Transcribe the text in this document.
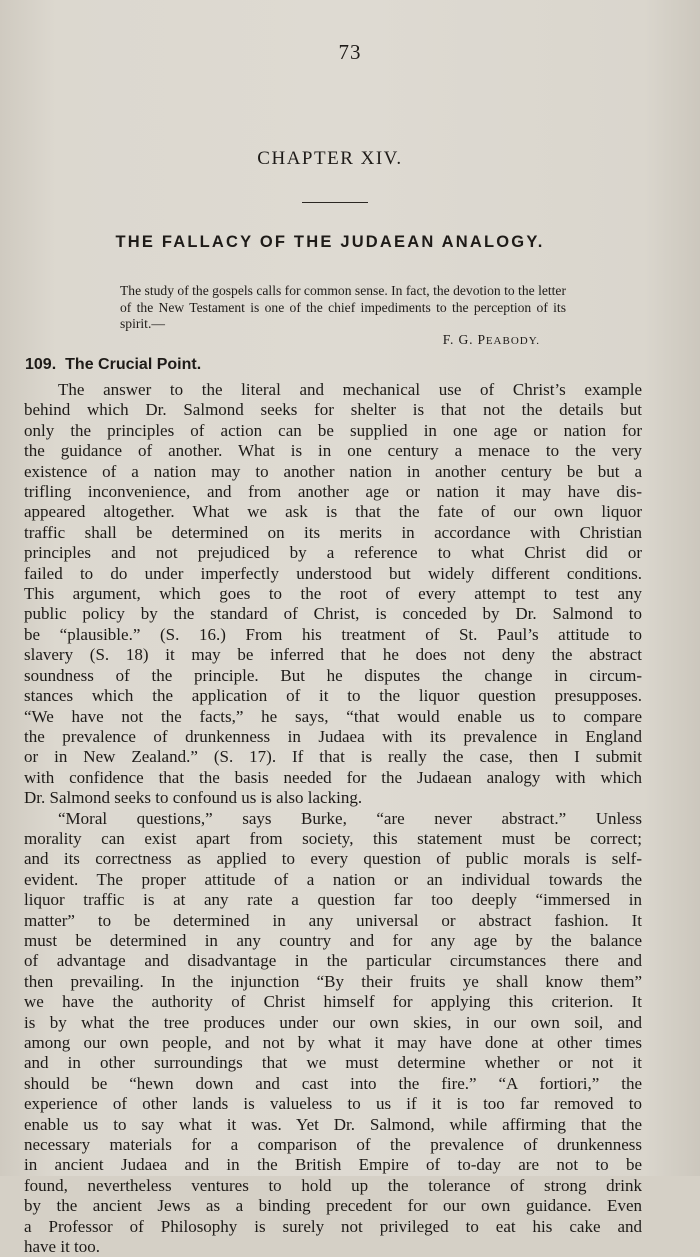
73
CHAPTER XIV.
THE FALLACY OF THE JUDAEAN ANALOGY.
The study of the gospels calls for common sense. In fact, the devotion to the letter of the New Testament is one of the chief impediments to the perception of its spirit.—
F. G. PEABODY.
109. The Crucial Point.
The answer to the literal and mechanical use of Christ’s example
behind which Dr. Salmond seeks for shelter is that not the details but
only the principles of action can be supplied in one age or nation for
the guidance of another. What is in one century a menace to the very
existence of a nation may to another nation in another century be but a
trifling inconvenience, and from another age or nation it may have dis-
appeared altogether. What we ask is that the fate of our own liquor
traffic shall be determined on its merits in accordance with Christian
principles and not prejudiced by a reference to what Christ did or
failed to do under imperfectly understood but widely different conditions.
This argument, which goes to the root of every attempt to test any
public policy by the standard of Christ, is conceded by Dr. Salmond to
be “plausible.” (S. 16.) From his treatment of St. Paul’s attitude to
slavery (S. 18) it may be inferred that he does not deny the abstract
soundness of the principle. But he disputes the change in circum-
stances which the application of it to the liquor question presupposes.
“We have not the facts,” he says, “that would enable us to compare
the prevalence of drunkenness in Judaea with its prevalence in England
or in New Zealand.” (S. 17). If that is really the case, then I submit
with confidence that the basis needed for the Judaean analogy with which
Dr. Salmond seeks to confound us is also lacking.
“Moral questions,” says Burke, “are never abstract.” Unless
morality can exist apart from society, this statement must be correct;
and its correctness as applied to every question of public morals is self-
evident. The proper attitude of a nation or an individual towards the
liquor traffic is at any rate a question far too deeply “immersed in
matter” to be determined in any universal or abstract fashion. It
must be determined in any country and for any age by the balance
of advantage and disadvantage in the particular circumstances there and
then prevailing. In the injunction “By their fruits ye shall know them”
we have the authority of Christ himself for applying this criterion. It
is by what the tree produces under our own skies, in our own soil, and
among our own people, and not by what it may have done at other times
and in other surroundings that we must determine whether or not it
should be “hewn down and cast into the fire.” “A fortiori,” the
experience of other lands is valueless to us if it is too far removed to
enable us to say what it was. Yet Dr. Salmond, while affirming that the
necessary materials for a comparison of the prevalence of drunkenness
in ancient Judaea and in the British Empire of to-day are not to be
found, nevertheless ventures to hold up the tolerance of strong drink
by the ancient Jews as a binding precedent for our own guidance. Even
a Professor of Philosophy is surely not privileged to eat his cake and
have it too.
